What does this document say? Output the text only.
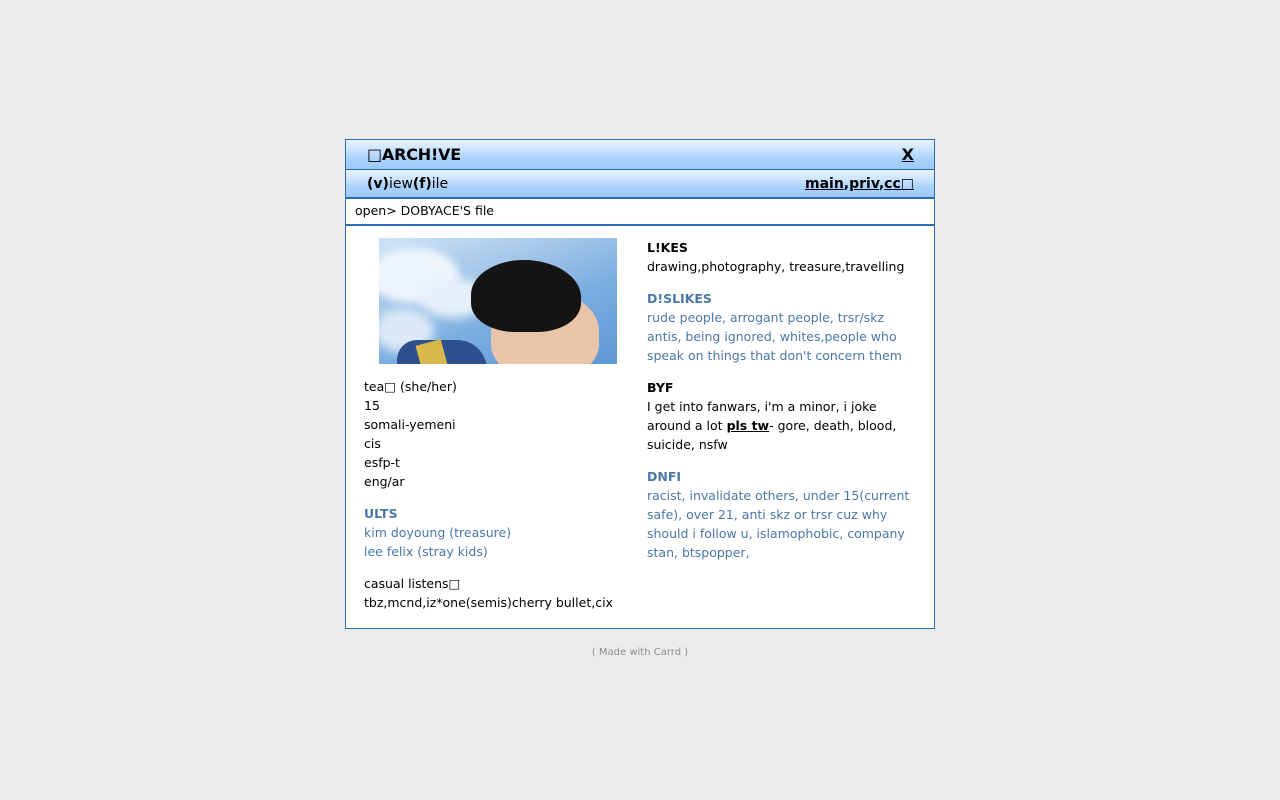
□ARCH!VE	X
(v)iew(f)ile	main,priv,cc□
open> DOBYACE'S file
tea□ (she/her)
15
somali-yemeni
cis
esfp-t
eng/ar
ULTS
kim doyoung (treasure)
lee felix (stray kids)
casual listens□
tbz,mcnd,iz*one(semis)cherry bullet,cix
L!KES
drawing,photography, treasure,travelling
D!SLIKES
rude people, arrogant people, trsr/skz antis, being ignored, whites,people who speak on things that don't concern them
BYF
I get into fanwars, i'm a minor, i joke around a lot pls tw- gore, death, blood, suicide, nsfw
DNFI
racist, invalidate others, under 15(current safe), over 21, anti skz or trsr cuz why should i follow u, islamophobic, company stan, btspopper,
( Made with Carrd )
